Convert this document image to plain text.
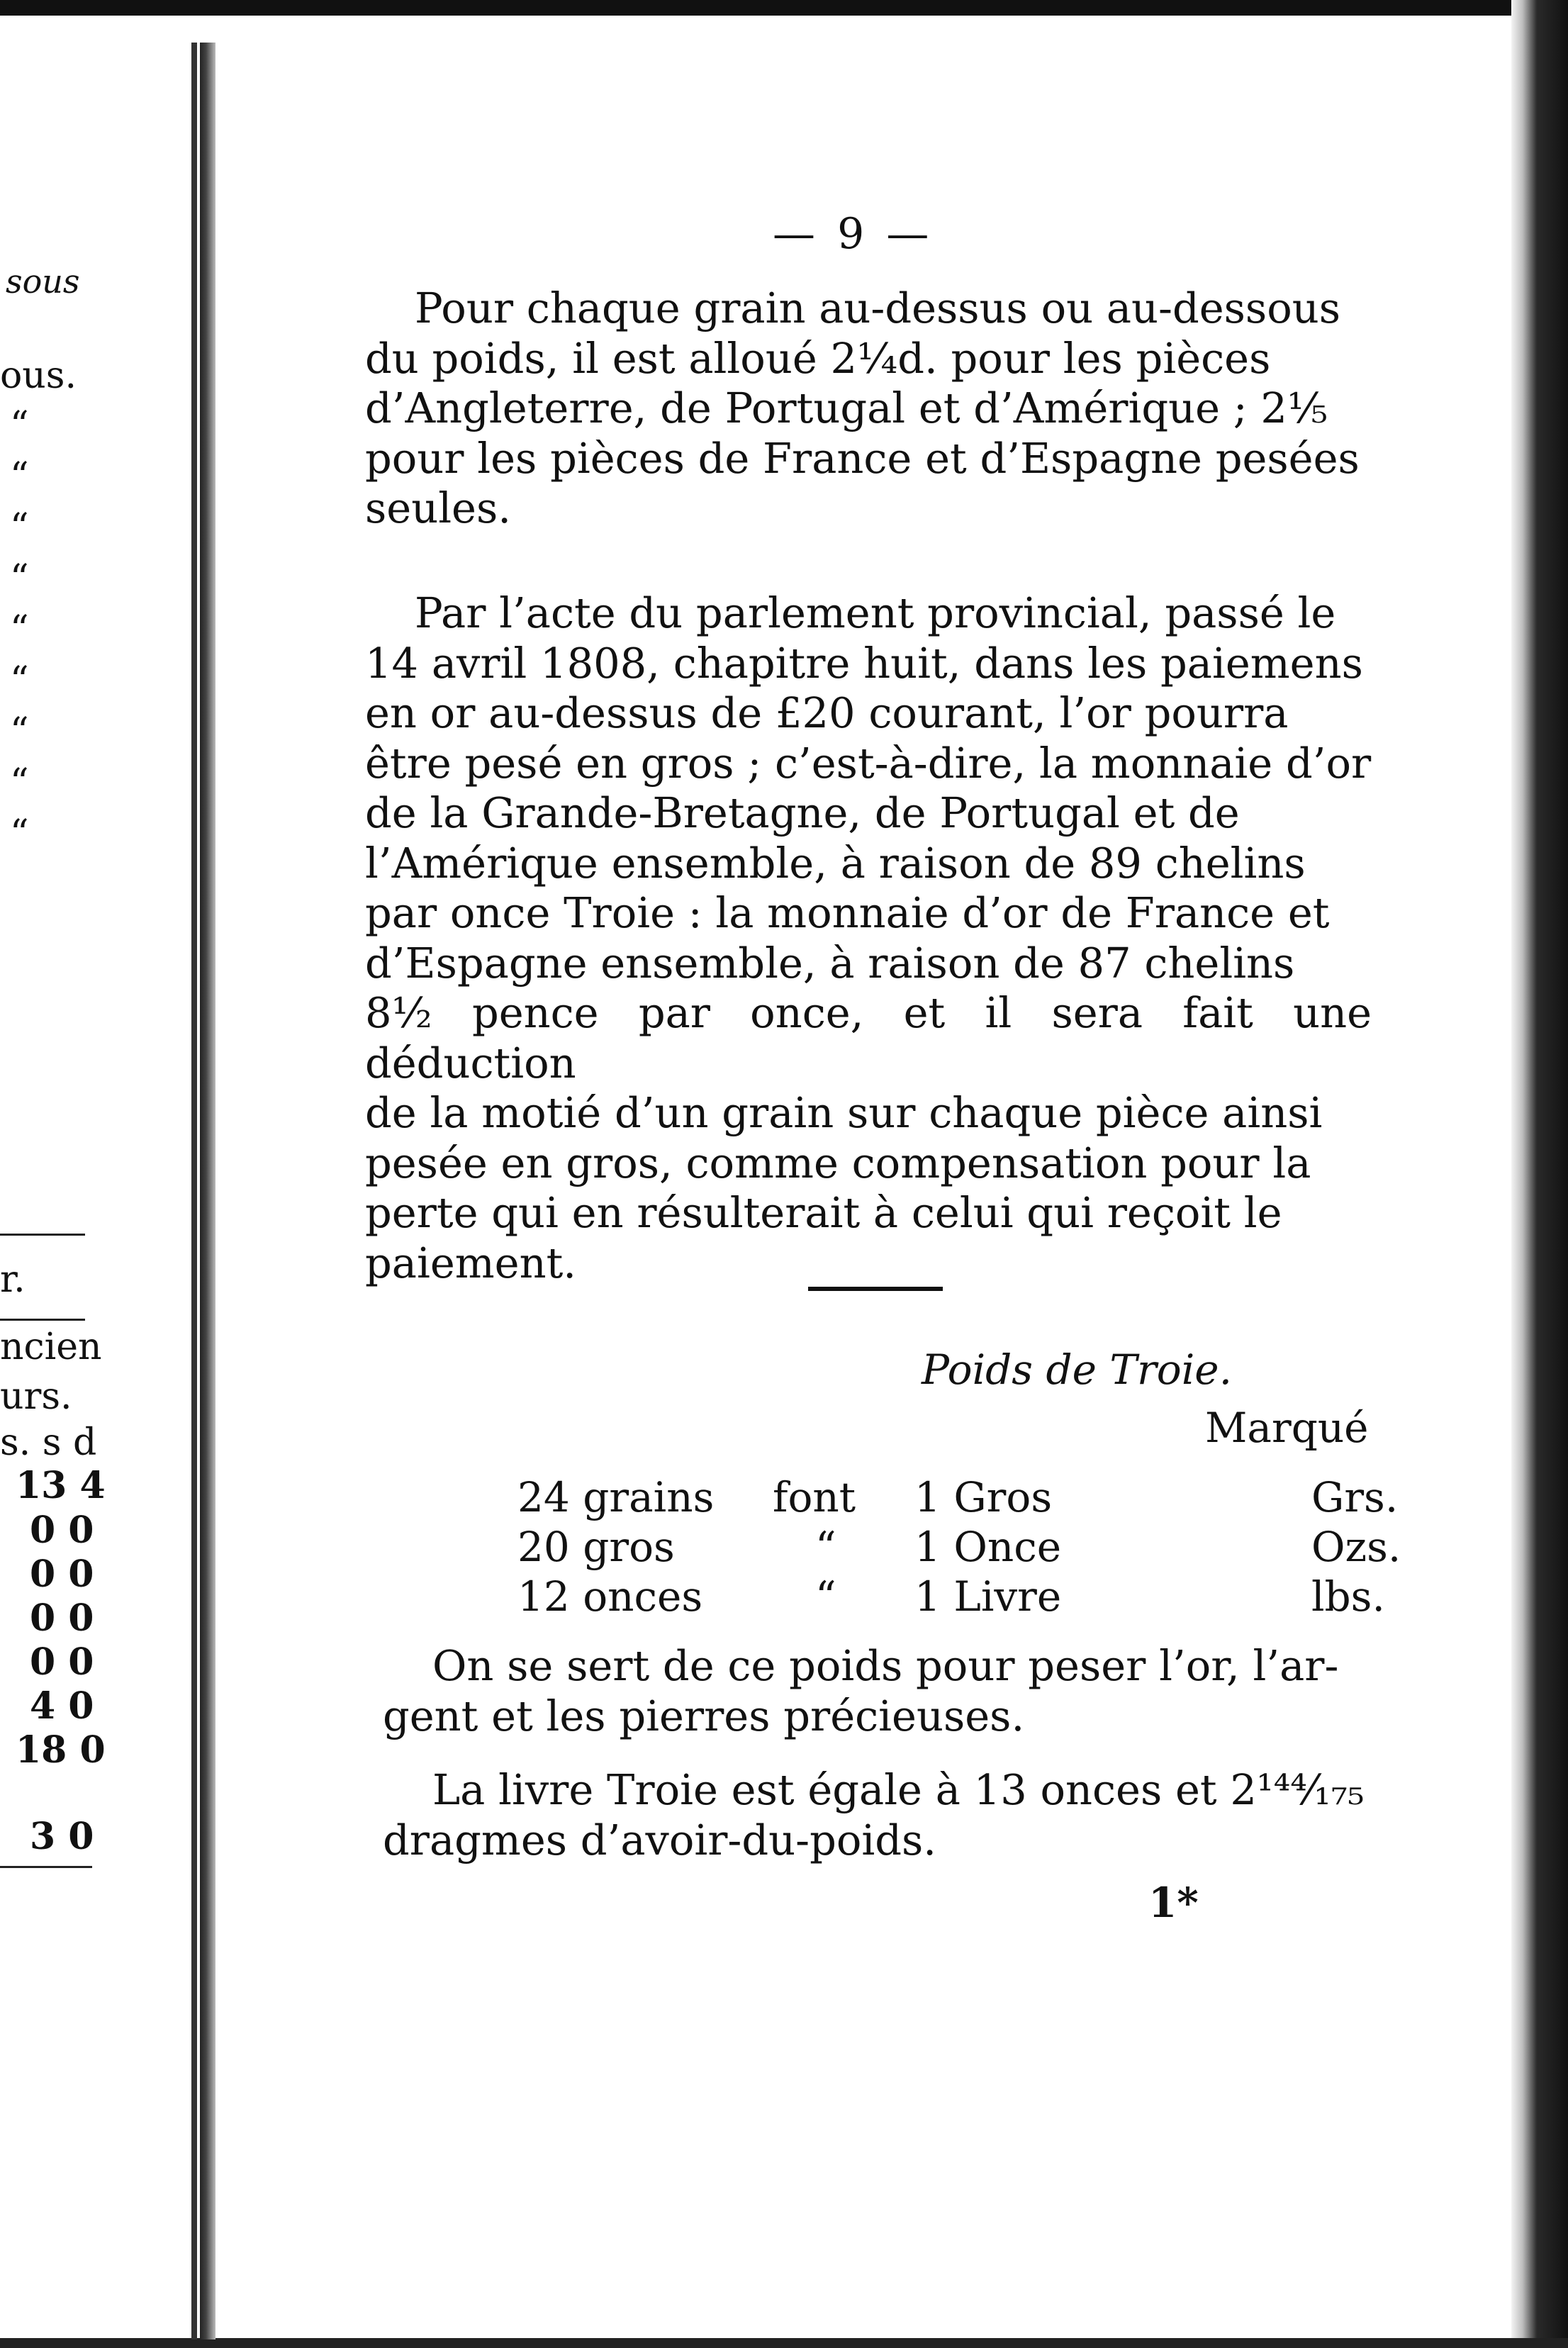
sous
ous.
“
“
“
“
“
“
“
“
“
r.
ncien
urs.
s. s d
13 4
0 0
0 0
0 0
0 0
4 0
18 0
3 0
— 9 —

Pour chaque grain au-dessus ou au-dessous

du poids, il est alloué 2¼d. pour les pièces

d’Angleterre, de Portugal et d’Amérique ; 2⅕

pour les pièces de France et d’Espagne pesées

seules.

Par l’acte du parlement provincial, passé le

14 avril 1808, chapitre huit, dans les paiemens

en or au-dessus de £20 courant, l’or pourra

être pesé en gros ; c’est-à-dire, la monnaie d’or

de la Grande-Bretagne, de Portugal et de

l’Amérique ensemble, à raison de 89 chelins

par once Troie : la monnaie d’or de France et

d’Espagne ensemble, à raison de 87 chelins

8½ pence par once, et il sera fait une déduction

de la motié d’un grain sur chaque pièce ainsi

pesée en gros, comme compensation pour la

perte qui en résulterait à celui qui reçoit le

paiement.

Poids de Troie.
Marqué
24 grains font 1 Gros	Grs.
20 gros	“ 1 Once	Ozs.
12 onces	“ 1 Livre	lbs.

On se sert de ce poids pour peser l’or, l’ar-

gent et les pierres précieuses.

La livre Troie est égale à 13 onces et 2¹⁴⁴⁄₁₇₅

dragmes d’avoir-du-poids.

1*
